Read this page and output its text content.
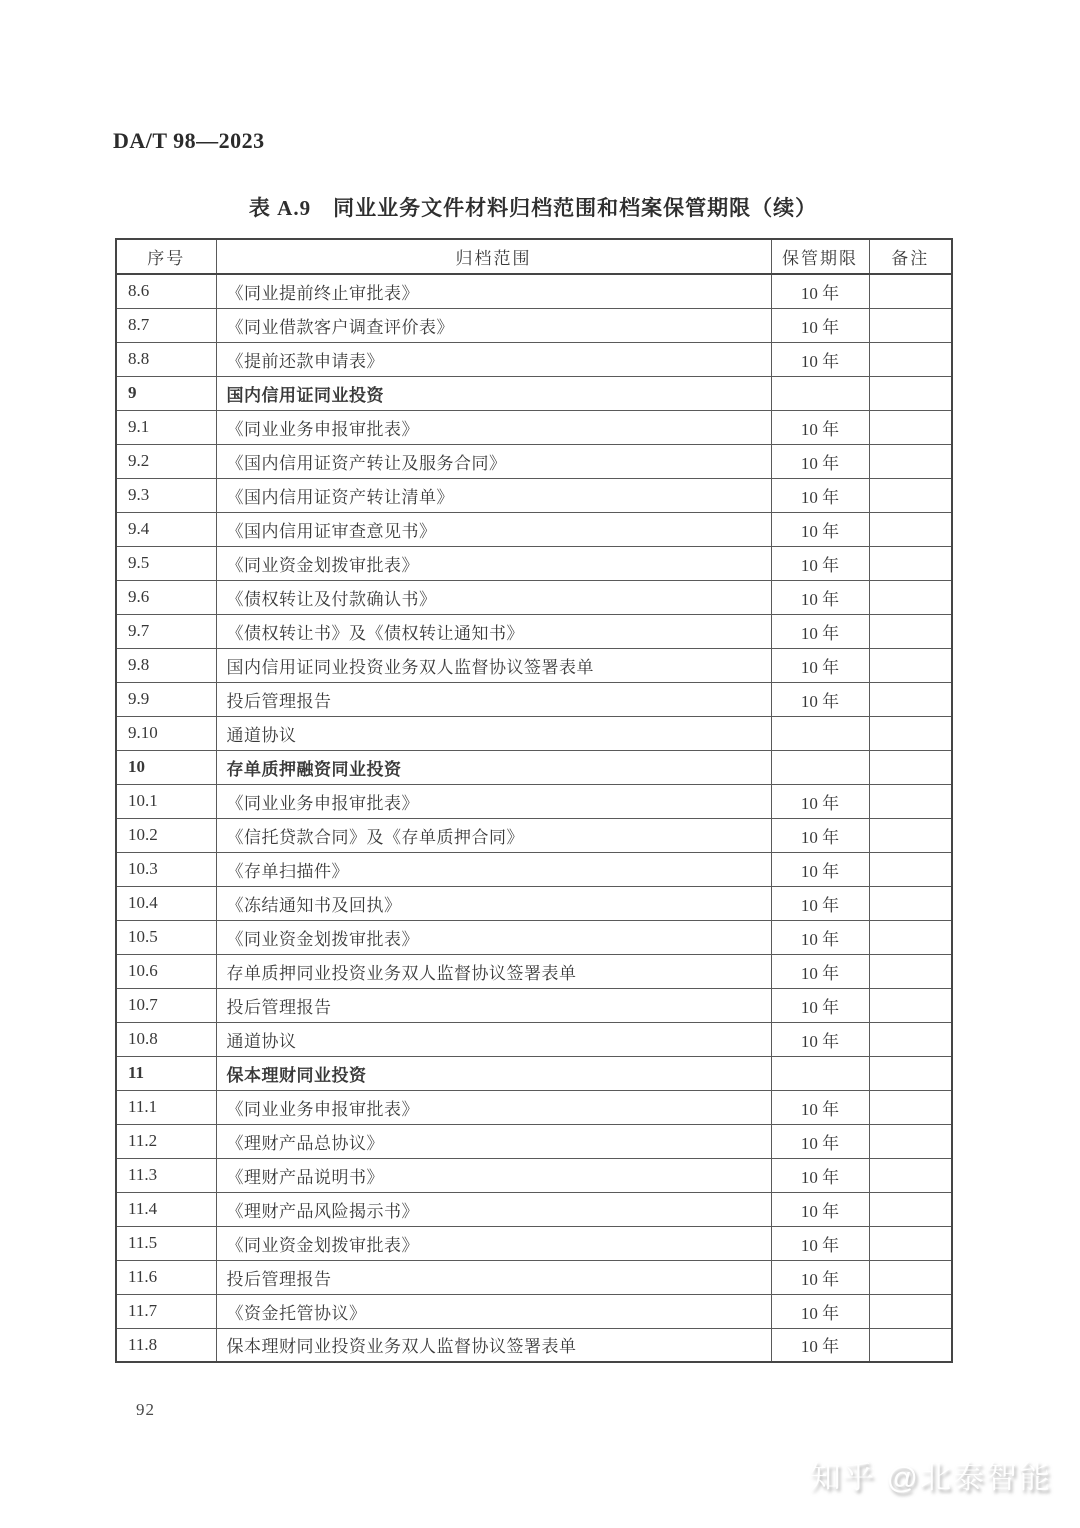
DA/T 98—2023
表 A.9　同业业务文件材料归档范围和档案保管期限（续）
序号	归档范围	保管期限	备注
8.6	《同业提前终止审批表》	10 年	
8.7	《同业借款客户调查评价表》	10 年	
8.8	《提前还款申请表》	10 年	
9	国内信用证同业投资		
9.1	《同业业务申报审批表》	10 年	
9.2	《国内信用证资产转让及服务合同》	10 年	
9.3	《国内信用证资产转让清单》	10 年	
9.4	《国内信用证审查意见书》	10 年	
9.5	《同业资金划拨审批表》	10 年	
9.6	《债权转让及付款确认书》	10 年	
9.7	《债权转让书》及《债权转让通知书》	10 年	
9.8	国内信用证同业投资业务双人监督协议签署表单	10 年	
9.9	投后管理报告	10 年	
9.10	通道协议		
10	存单质押融资同业投资		
10.1	《同业业务申报审批表》	10 年	
10.2	《信托贷款合同》及《存单质押合同》	10 年	
10.3	《存单扫描件》	10 年	
10.4	《冻结通知书及回执》	10 年	
10.5	《同业资金划拨审批表》	10 年	
10.6	存单质押同业投资业务双人监督协议签署表单	10 年	
10.7	投后管理报告	10 年	
10.8	通道协议	10 年	
11	保本理财同业投资		
11.1	《同业业务申报审批表》	10 年	
11.2	《理财产品总协议》	10 年	
11.3	《理财产品说明书》	10 年	
11.4	《理财产品风险揭示书》	10 年	
11.5	《同业资金划拨审批表》	10 年	
11.6	投后管理报告	10 年	
11.7	《资金托管协议》	10 年	
11.8	保本理财同业投资业务双人监督协议签署表单	10 年	
92
知乎 @北泰智能
